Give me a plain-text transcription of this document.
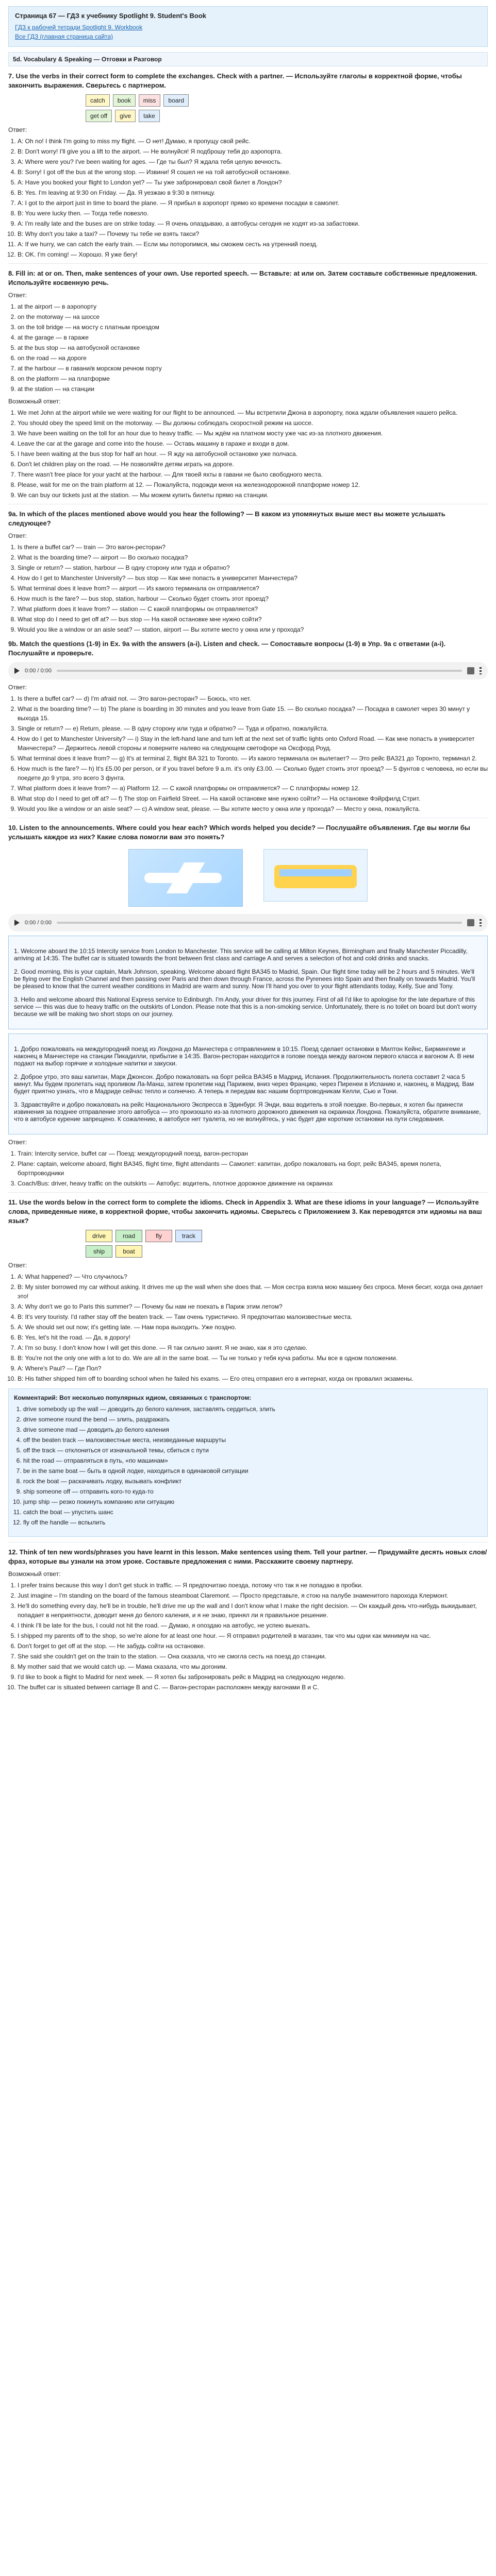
Страница 67 — ГДЗ к учебнику Spotlight 9. Student's Book
ГДЗ к рабочей тетради Spotlight 9. Workbook
Все ГДЗ (главная страница сайта)
5d. Vocabulary & Speaking — Отговки и Разговор
7. Use the verbs in their correct form to complete the exchanges. Check with a partner. — Используйте глаголы в корректной форме, чтобы закончить выражения. Сверьтесь с партнером.
catch	book	miss	board
get off	give	take
Ответ:
1. A: Oh no! I think I'm going to miss my flight. — О нет! Думаю, я пропущу свой рейс.
2. B: Don't worry! I'll give you a lift to the airport. — Не волнуйся! Я подброшу тебя до аэропорта.
3. A: Where were you? I've been waiting for ages. — Где ты был? Я ждала тебя целую вечность.
4. B: Sorry! I got off the bus at the wrong stop. — Извини! Я сошел не на той автобусной остановке.
5. A: Have you booked your flight to London yet? — Ты уже забронировал свой билет в Лондон?
6. B: Yes. I'm leaving at 9:30 on Friday. — Да. Я уезжаю в 9:30 в пятницу.
7. A: I got to the airport just in time to board the plane. — Я прибыл в аэропорт прямо ко времени посадки в самолет.
8. B: You were lucky then. — Тогда тебе повезло.
9. A: I'm really late and the buses are on strike today. — Я очень опаздываю, а автобусы сегодня не ходят из-за забастовки.
10. B: Why don't you take a taxi? — Почему ты тебе не взять такси?
11. A: If we hurry, we can catch the early train. — Если мы поторопимся, мы сможем сесть на утренний поезд.
12. B: OK. I'm coming! — Хорошо. Я уже бегу!
8. Fill in: at or on. Then, make sentences of your own. Use reported speech. — Вставьте: at или on. Затем составьте собственные предложения. Используйте косвенную речь.
Ответ:
1. at the airport — в аэропорту
2. on the motorway — на шоссе
3. on the toll bridge — на мосту с платным проездом
4. at the garage — в гараже
5. at the bus stop — на автобусной остановке
6. on the road — на дороге
7. at the harbour — в гавани/в морском речном порту
8. on the platform — на платформе
9. at the station — на станции
Возможный ответ:
1. We met John at the airport while we were waiting for our flight to be announced. — Мы встретили Джона в аэропорту, пока ждали объявления нашего рейса.
2. You should obey the speed limit on the motorway. — Вы должны соблюдать скоростной режим на шоссе.
3. We have been waiting on the toll for an hour due to heavy traffic. — Мы ждём на платном мосту уже час из-за плотного движения.
4. Leave the car at the garage and come into the house. — Оставь машину в гараже и входи в дом.
5. I have been waiting at the bus stop for half an hour. — Я жду на автобусной остановке уже полчаса.
6. Don't let children play on the road. — Не позволяйте детям играть на дороге.
7. There wasn't free place for your yacht at the harbour. — Для твоей яхты в гавани не было свободного места.
8. Please, wait for me on the train platform at 12. — Пожалуйста, подожди меня на железнодорожной платформе номер 12.
9. We can buy our tickets just at the station. — Мы можем купить билеты прямо на станции.
9a. In which of the places mentioned above would you hear the following? — В каком из упомянутых выше мест вы можете услышать следующее?
Ответ:
1. Is there a buffet car? — train — Это вагон-ресторан?
2. What is the boarding time? — airport — Во сколько посадка?
3. Single or return? — station, harbour — В одну сторону или туда и обратно?
4. How do I get to Manchester University? — bus stop — Как мне попасть в университет Манчестера?
5. What terminal does it leave from? — airport — Из какого терминала он отправляется?
6. How much is the fare? — bus stop, station, harbour — Сколько будет стоить этот проезд?
7. What platform does it leave from? — station — С какой платформы он отправляется?
8. What stop do I need to get off at? — bus stop — На какой остановке мне нужно сойти?
9. Would you like a window or an aisle seat? — station, airport — Вы хотите место у окна или у прохода?
9b. Match the questions (1-9) in Ex. 9a with the answers (a-i). Listen and check. — Сопоставьте вопросы (1-9) в Упр. 9a с ответами (a-i). Послушайте и проверьте.
0:00 / 0:00
Ответ:
1. Is there a buffet car? — d) I'm afraid not. — Это вагон-ресторан? — Боюсь, что нет.
2. What is the boarding time? — b) The plane is boarding in 30 minutes and you leave from Gate 15. — Во сколько посадка? — Посадка в самолет через 30 минут у выхода 15.
3. Single or return? — e) Return, please. — В одну сторону или туда и обратно? — Туда и обратно, пожалуйста.
4. How do I get to Manchester University? — i) Stay in the left-hand lane and turn left at the next set of traffic lights onto Oxford Road. — Как мне попасть в университет Манчестера? — Держитесь левой стороны и поверните налево на следующем светофоре на Оксфорд Роуд.
5. What terminal does it leave from? — g) It's at terminal 2, flight BA 321 to Toronto. — Из какого терминала он вылетает? — Это рейс BA321 до Торонто, терминал 2.
6. How much is the fare? — h) It's £5.00 per person, or if you travel before 9 a.m. it's only £3.00. — Сколько будет стоить этот проезд? — 5 фунтов с человека, но если вы поедете до 9 утра, это всего 3 фунта.
7. What platform does it leave from? — a) Platform 12. — С какой платформы он отправляется? — С платформы номер 12.
8. What stop do I need to get off at? — f) The stop on Fairfield Street. — На какой остановке мне нужно сойти? — На остановке Фэйрфилд Стрит.
9. Would you like a window or an aisle seat? — c) A window seat, please. — Вы хотите место у окна или у прохода? — Место у окна, пожалуйста.
10. Listen to the announcements. Where could you hear each? Which words helped you decide? — Послушайте объявления. Где вы могли бы услышать каждое из них? Какие слова помогли вам это понять?
0:00 / 0:00

1. Welcome aboard the 10:15 Intercity service from London to Manchester. This service will be calling at Milton Keynes, Birmingham and finally Manchester Piccadilly, arriving at 14:35. The buffet car is situated towards the front between first class and carriage A and serves a selection of hot and cold drinks and snacks.

2. Good morning, this is your captain, Mark Johnson, speaking. Welcome aboard flight BA345 to Madrid, Spain. Our flight time today will be 2 hours and 5 minutes. We'll be flying over the English Channel and then passing over Paris and then down through France, across the Pyrenees into Spain and then finally on towards Madrid. You'll be pleased to know that the current weather conditions in Madrid are warm and sunny. Now I'll hand you over to your flight attendants today, Kelly, Sue and Tony.

3. Hello and welcome aboard this National Express service to Edinburgh. I'm Andy, your driver for this journey. First of all I'd like to apologise for the late departure of this service — this was due to heavy traffic on the outskirts of London. Please note that this is a non-smoking service. Unfortunately, there is no toilet on board but don't worry because we will be making two short stops on our journey.

1. Добро пожаловать на междугородний поезд из Лондона до Манчестера с отправлением в 10:15. Поезд сделает остановки в Милтон Кейнс, Бирмингеме и наконец в Манчестере на станции Пикадилли, прибытие в 14:35. Вагон-ресторан находится в голове поезда между вагоном первого класса и вагоном А. В нем подают на выбор горячие и холодные напитки и закуски.

2. Доброе утро, это ваш капитан, Марк Джонсон. Добро пожаловать на борт рейса BA345 в Мадрид, Испания. Продолжительность полета составит 2 часа 5 минут. Мы будем пролетать над проливом Ла-Манш, затем пролетим над Парижем, вниз через Францию, через Пиренеи в Испанию и, наконец, в Мадрид. Вам будет приятно узнать, что в Мадриде сейчас тепло и солнечно. А теперь я передам вас нашим бортпроводникам Келли, Сью и Тони.

3. Здравствуйте и добро пожаловать на рейс Национального Экспресса в Эдинбург. Я Энди, ваш водитель в этой поездке. Во-первых, я хотел бы принести извинения за позднее отправление этого автобуса — это произошло из-за плотного дорожного движения на окраинах Лондона. Пожалуйста, обратите внимание, что в автобусе курение запрещено. К сожалению, в автобусе нет туалета, но не волнуйтесь, у нас будет две короткие остановки на пути следования.

Ответ:
1. Train: Intercity service, buffet car — Поезд: междугородний поезд, вагон-ресторан
2. Plane: captain, welcome aboard, flight BA345, flight time, flight attendants — Самолет: капитан, добро пожаловать на борт, рейс BA345, время полета, бортпроводники
3. Coach/Bus: driver, heavy traffic on the outskirts — Автобус: водитель, плотное дорожное движение на окраинах
11. Use the words below in the correct form to complete the idioms. Check in Appendix 3. What are these idioms in your language? — Используйте слова, приведенные ниже, в корректной форме, чтобы закончить идиомы. Сверьтесь с Приложением 3. Как переводятся эти идиомы на ваш язык?
drive	road	fly	track
ship	boat
Ответ:
1. A: What happened? — Что случилось?
2. B: My sister borrowed my car without asking. It drives me up the wall when she does that. — Моя сестра взяла мою машину без спроса. Меня бесит, когда она делает это!
3. A: Why don't we go to Paris this summer? — Почему бы нам не поехать в Париж этим летом?
4. B: It's very touristy. I'd rather stay off the beaten track. — Там очень туристично. Я предпочитаю малоизвестные места.
5. A: We should set out now; it's getting late. — Нам пора выходить. Уже поздно.
6. B: Yes, let's hit the road. — Да, в дорогу!
7. A: I'm so busy. I don't know how I will get this done. — Я так сильно занят. Я не знаю, как я это сделаю.
8. B: You're not the only one with a lot to do. We are all in the same boat. — Ты не только у тебя куча работы. Мы все в одном положении.
9. A: Where's Paul? — Где Пол?
10. B: His father shipped him off to boarding school when he failed his exams. — Его отец отправил его в интернат, когда он провалил экзамены.
Комментарий: Вот несколько популярных идиом, связанных с транспортом:
1. drive somebody up the wall — доводить до белого каления, заставлять сердиться, злить
2. drive someone round the bend — злить, раздражать
3. drive someone mad — доводить до белого каления
4. off the beaten track — малоизвестные места, неизведанные маршруты
5. off the track — отклониться от изначальной темы, сбиться с пути
6. hit the road — отправляться в путь, «по машинам»
7. be in the same boat — быть в одной лодке, находиться в одинаковой ситуации
8. rock the boat — раскачивать лодку, вызывать конфликт
9. ship someone off — отправить кого-то куда-то
10. jump ship — резко покинуть компанию или ситуацию
11. catch the boat — упустить шанс
12. fly off the handle — вспылить
12. Think of ten new words/phrases you have learnt in this lesson. Make sentences using them. Tell your partner. — Придумайте десять новых слов/фраз, которые вы узнали на этом уроке. Составьте предложения с ними. Расскажите своему партнеру.
Возможный ответ:
1. I prefer trains because this way I don't get stuck in traffic. — Я предпочитаю поезда, потому что так я не попадаю в пробки.
2. Just imagine – I'm standing on the board of the famous steamboat Claremont. — Просто представьте, я стою на палубе знаменитого парохода Клермонт.
3. He'll do something every day, he'll be in trouble, he'll drive me up the wall and I don't know what I make the right decision. — Он каждый день что-нибудь выкидывает, попадает в неприятности, доводит меня до белого каления, и я не знаю, принял ли я правильное решение.
4. I think I'll be late for the bus, I could not hit the road. — Думаю, я опоздаю на автобус, не успею выехать.
5. I shipped my parents off to the shop, so we're alone for at least one hour. — Я отправил родителей в магазин, так что мы одни как минимум на час.
6. Don't forget to get off at the stop. — Не забудь сойти на остановке.
7. She said she couldn't get on the train to the station. — Она сказала, что не смогла сесть на поезд до станции.
8. My mother said that we would catch up. — Мама сказала, что мы догоним.
9. I'd like to book a flight to Madrid for next week. — Я хотел бы забронировать рейс в Мадрид на следующую неделю.
10. The buffet car is situated between carriage B and C. — Вагон-ресторан расположен между вагонами B и C.
